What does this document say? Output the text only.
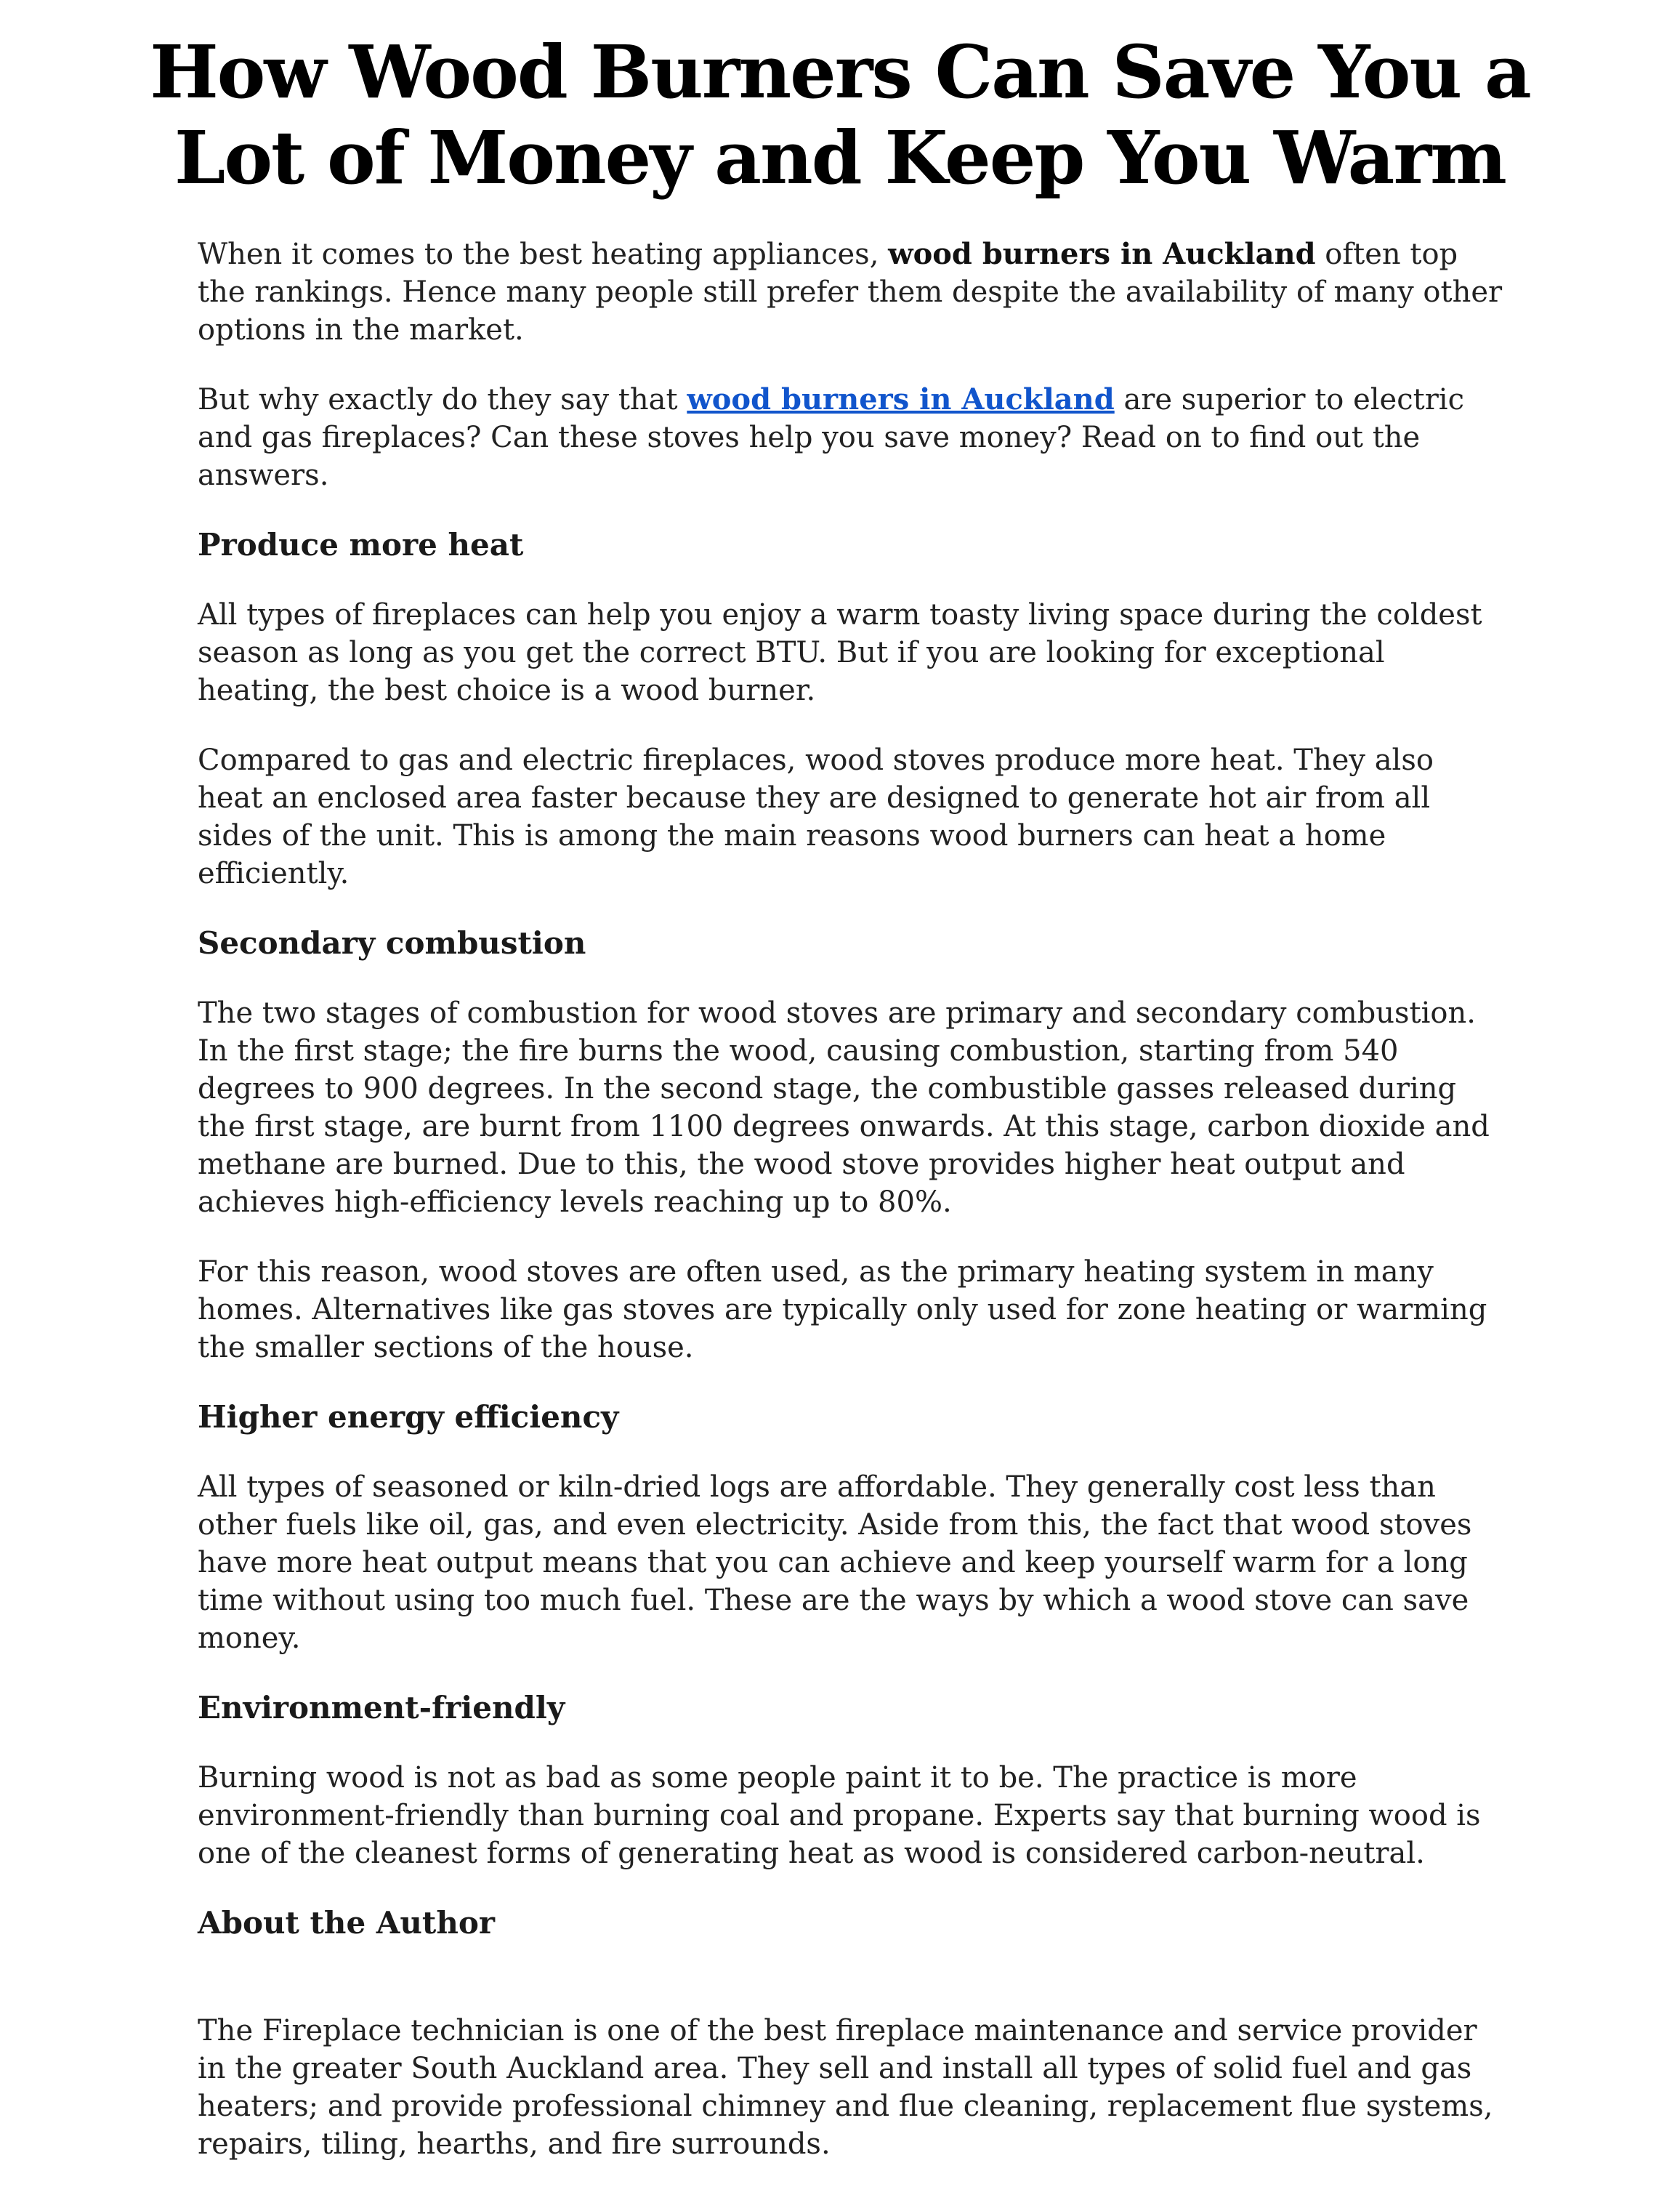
How Wood Burners Can Save You a Lot of Money and Keep You Warm

When it comes to the best heating appliances, wood burners in Auckland often top the rankings. Hence many people still prefer them despite the availability of many other options in the market.

But why exactly do they say that wood burners in Auckland are superior to electric and gas fireplaces? Can these stoves help you save money? Read on to find out the answers.

Produce more heat

All types of fireplaces can help you enjoy a warm toasty living space during the coldest season as long as you get the correct BTU. But if you are looking for exceptional heating, the best choice is a wood burner.

Compared to gas and electric fireplaces, wood stoves produce more heat. They also heat an enclosed area faster because they are designed to generate hot air from all sides of the unit. This is among the main reasons wood burners can heat a home efficiently.

Secondary combustion

The two stages of combustion for wood stoves are primary and secondary combustion. In the first stage; the fire burns the wood, causing combustion, starting from 540 degrees to 900 degrees. In the second stage, the combustible gasses released during the first stage, are burnt from 1100 degrees onwards. At this stage, carbon dioxide and methane are burned. Due to this, the wood stove provides higher heat output and achieves high-efficiency levels reaching up to 80%.

For this reason, wood stoves are often used, as the primary heating system in many homes. Alternatives like gas stoves are typically only used for zone heating or warming the smaller sections of the house.

Higher energy efficiency

All types of seasoned or kiln-dried logs are affordable. They generally cost less than other fuels like oil, gas, and even electricity. Aside from this, the fact that wood stoves have more heat output means that you can achieve and keep yourself warm for a long time without using too much fuel. These are the ways by which a wood stove can save money.

Environment-friendly

Burning wood is not as bad as some people paint it to be. The practice is more environment-friendly than burning coal and propane. Experts say that burning wood is one of the cleanest forms of generating heat as wood is considered carbon-neutral.

About the Author

The Fireplace technician is one of the best fireplace maintenance and service provider in the greater South Auckland area. They sell and install all types of solid fuel and gas heaters; and provide professional chimney and flue cleaning, replacement flue systems, repairs, tiling, hearths, and fire surrounds.
